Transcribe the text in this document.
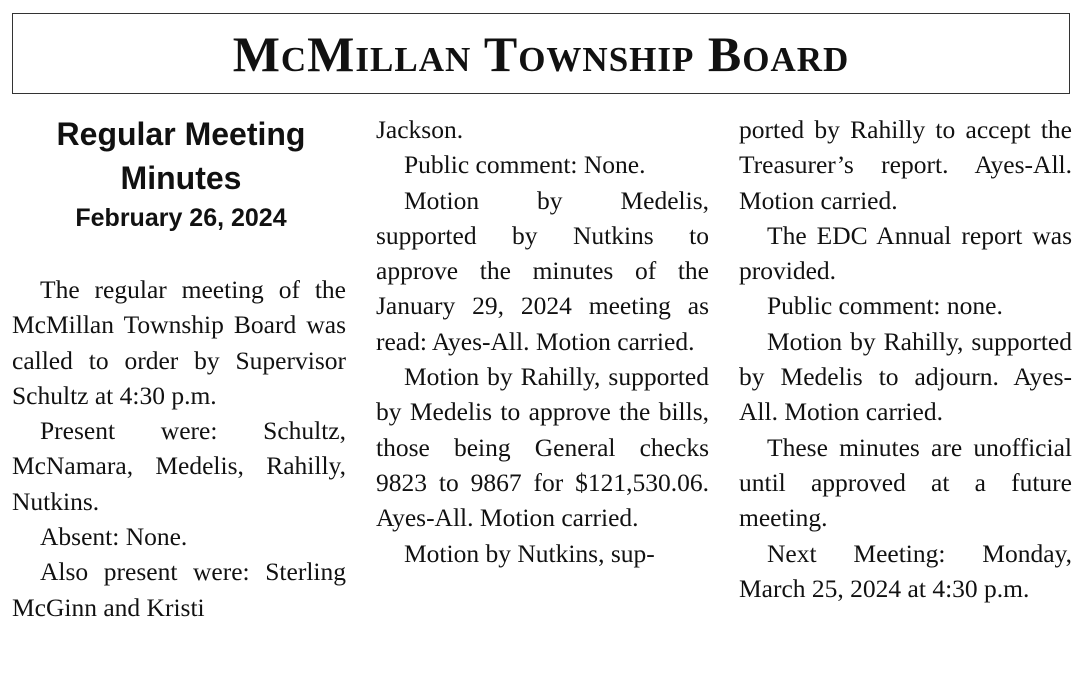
McMillan Township Board
Regular Meeting Minutes
February 26, 2024

The regular meeting of the McMillan Township Board was called to order by Supervisor Schultz at 4:30 p.m.

Present were: Schultz, McNamara, Medelis, Rahilly, Nutkins.

Absent: None.

Also present were: Sterling McGinn and Kristi

Jackson.

Public comment: None.

Motion by Medelis, supported by Nutkins to approve the minutes of the January 29, 2024 meeting as read: Ayes-All. Motion carried.

Motion by Rahilly, supported by Medelis to approve the bills, those being General checks 9823 to 9867 for $121,530.06. Ayes-All. Motion carried.

Motion by Nutkins, sup-

ported by Rahilly to accept the Treasurer’s report. Ayes-All. Motion carried.

The EDC Annual report was provided.

Public comment: none.

Motion by Rahilly, supported by Medelis to adjourn. Ayes-All. Motion carried.

These minutes are unofficial until approved at a future meeting.

Next Meeting: Monday, March 25, 2024 at 4:30 p.m.
